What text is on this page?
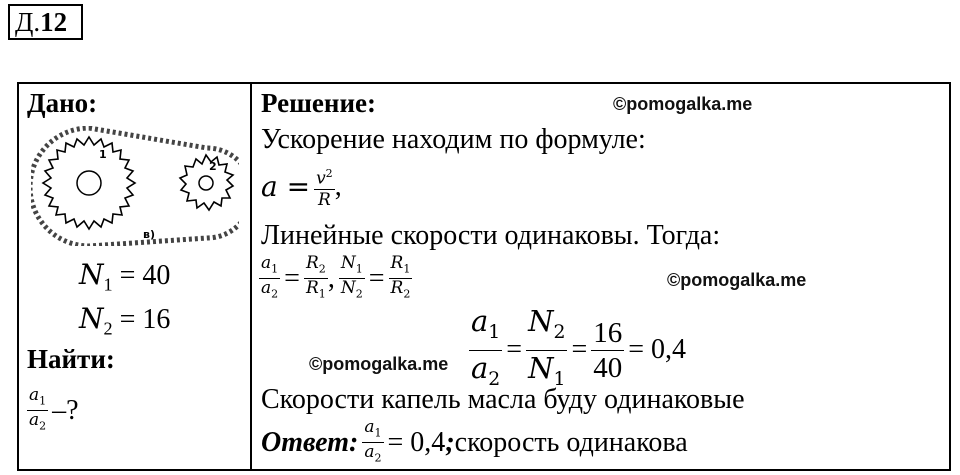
Д.12
Дано:
1
2
в)
$N_1 = 40$
$N_2 = 16$
Найти:
$\frac{a_1}{a_2}$ –?
Решение:	©pomogalka.me
Ускорение находим по формуле:
$a = \frac{v^2}{R}$ ,
Линейные скорости одинаковы. Тогда:
$\frac{a_1}{a_2} = \frac{R_2}{R_1}$ , $\frac{N_1}{N_2} = \frac{R_1}{R_2}$	©pomogalka.me
$\frac{a_1}{a_2} = \frac{N_2}{N_1} = \frac{16}{40} = 0,4$
©pomogalka.me
Скорости капель масла буду одинаковые
Ответ: $\frac{a_1}{a_2}$ = 0,4;скорость одинакова
